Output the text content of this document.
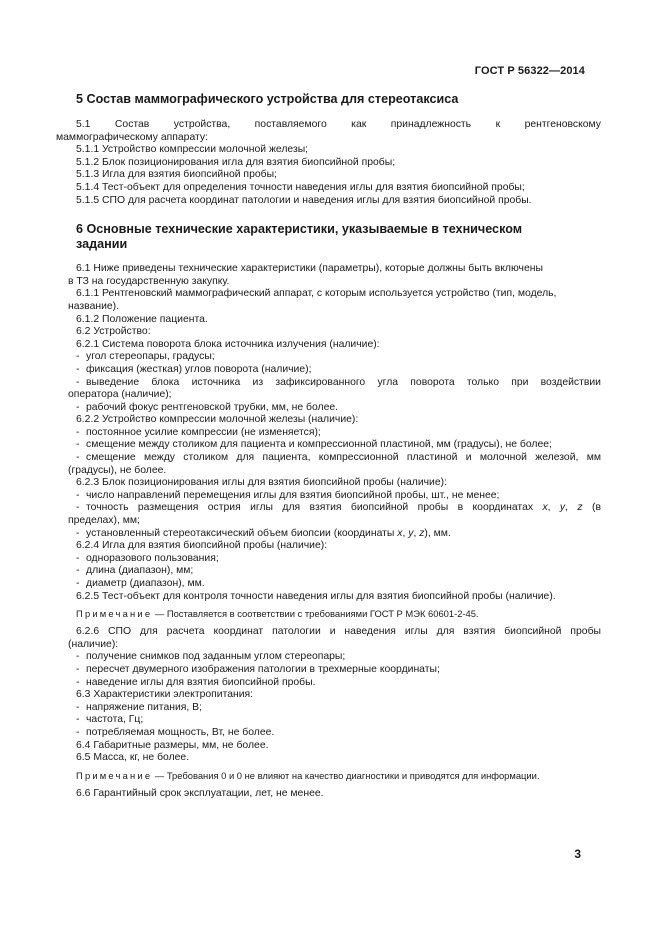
ГОСТ Р 56322—2014
5 Состав маммографического устройства для стереотаксиса
5.1 Состав устройства, поставляемого как принадлежность к рентгеновскому
маммографическому аппарату:
5.1.1 Устройство компрессии молочной железы;
5.1.2 Блок позиционирования игла для взятия биопсийной пробы;
5.1.3 Игла для взятия биопсийной пробы;
5.1.4 Тест-объект для определения точности наведения иглы для взятия биопсийной пробы;
5.1.5 СПО для расчета координат патологии и наведения иглы для взятия биопсийной пробы.
6 Основные технические характеристики, указываемые в техническом
задании
6.1 Ниже приведены технические характеристики (параметры), которые должны быть включены
в ТЗ на государственную закупку.
6.1.1 Рентгеновский маммографический аппарат, с которым используется устройство (тип, модель,
название).
6.1.2 Положение пациента.
6.2 Устройство:
6.2.1 Система поворота блока источника излучения (наличие):
- угол стереопары, градусы;
- фиксация (жесткая) углов поворота (наличие);
- выведение блока источника из зафиксированного угла поворота только при воздействии
оператора (наличие);
- рабочий фокус рентгеновской трубки, мм, не более.
6.2.2 Устройство компрессии молочной железы (наличие):
- постоянное усилие компрессии (не изменяется);
- смещение между столиком для пациента и компрессионной пластиной, мм (градусы), не более;
- смещение между столиком для пациента, компрессионной пластиной и молочной железой, мм
(градусы), не более.
6.2.3 Блок позиционирования иглы для взятия биопсийной пробы (наличие):
- число направлений перемещения иглы для взятия биопсийной пробы, шт., не менее;
- точность размещения острия иглы для взятия биопсийной пробы в координатах x, y, z (в
пределах), мм;
- установленный стереотаксический объем биопсии (координаты x, y, z), мм.
6.2.4 Игла для взятия биопсийной пробы (наличие):
- одноразового пользования;
- длина (диапазон), мм;
- диаметр (диапазон), мм.
6.2.5 Тест-объект для контроля точности наведения иглы для взятия биопсийной пробы (наличие).
Примечание — Поставляется в соответствии с требованиями ГОСТ Р МЭК 60601-2-45.
6.2.6 СПО для расчета координат патологии и наведения иглы для взятия биопсийной пробы
(наличие):
- получение снимков под заданным углом стереопары;
- пересчет двумерного изображения патологии в трехмерные координаты;
- наведение иглы для взятия биопсийной пробы.
6.3 Характеристики электропитания:
- напряжение питания, В;
- частота, Гц;
- потребляемая мощность, Вт, не более.
6.4 Габаритные размеры, мм, не более.
6.5 Масса, кг, не более.
Примечание — Требования 0 и 0 не влияют на качество диагностики и приводятся для информации.
6.6 Гарантийный срок эксплуатации, лет, не менее.
3
